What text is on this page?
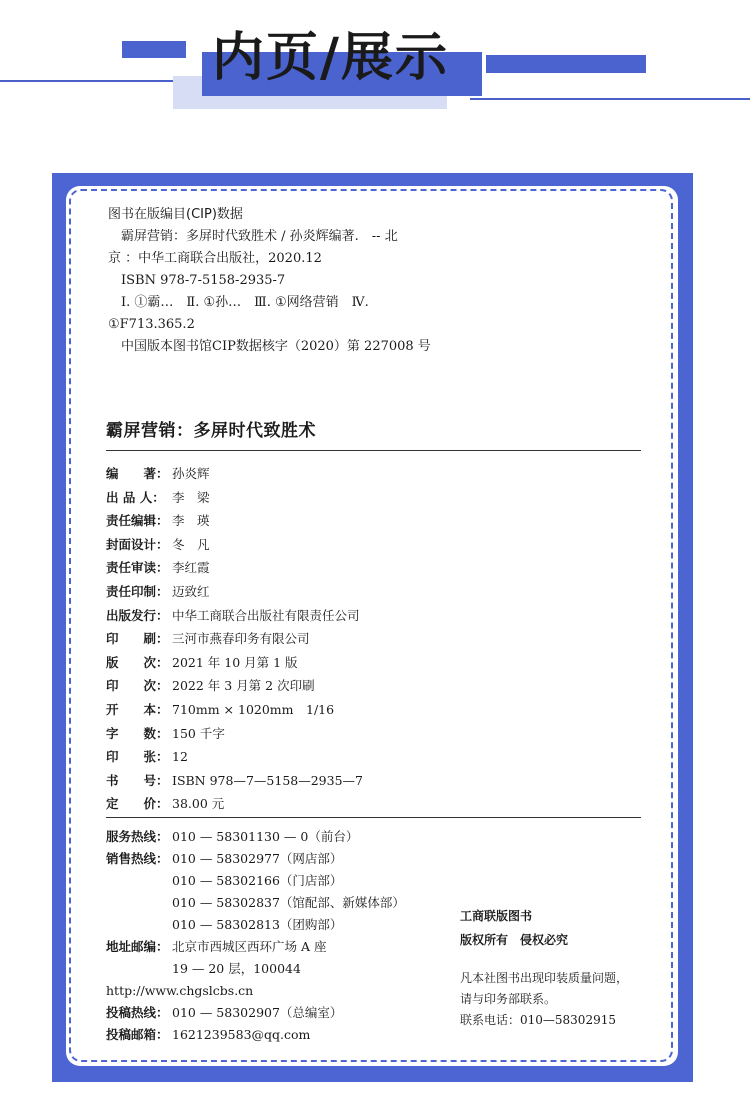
内页/展示
图书在版编目(CIP)数据
　霸屏营销：多屏时代致胜术 / 孙炎辉编著.　-- 北
京 ：中华工商联合出版社，2020.12
　ISBN 978-7-5158-2935-7
　Ⅰ. ①霸…　Ⅱ. ①孙…　Ⅲ. ①网络营销　Ⅳ.
①F713.365.2
　中国版本图书馆CIP数据核字（2020）第 227008 号
霸屏营销：多屏时代致胜术
编　　著： 孙炎辉
出 品 人： 李　梁
责任编辑： 李　瑛
封面设计： 冬　凡
责任审读： 李红霞
责任印制： 迈致红
出版发行： 中华工商联合出版社有限责任公司
印　　刷： 三河市燕春印务有限公司
版　　次： 2021 年 10 月第 1 版
印　　次： 2022 年 3 月第 2 次印刷
开　　本： 710mm × 1020mm　1/16
字　　数： 150 千字
印　　张： 12
书　　号： ISBN 978—7—5158—2935—7
定　　价： 38.00 元
服务热线： 010 — 58301130 — 0（前台）
销售热线： 010 — 58302977（网店部）
010 — 58302166（门店部）
010 — 58302837（馆配部、新媒体部）
010 — 58302813（团购部）
地址邮编： 北京市西城区西环广场 A 座
19 — 20 层，100044
http://www.chgslcbs.cn
投稿热线： 010 — 58302907（总编室）
投稿邮箱： 1621239583@qq.com
工商联版图书
版权所有　侵权必究
凡本社图书出现印装质量问题，
请与印务部联系。
联系电话：010—58302915
